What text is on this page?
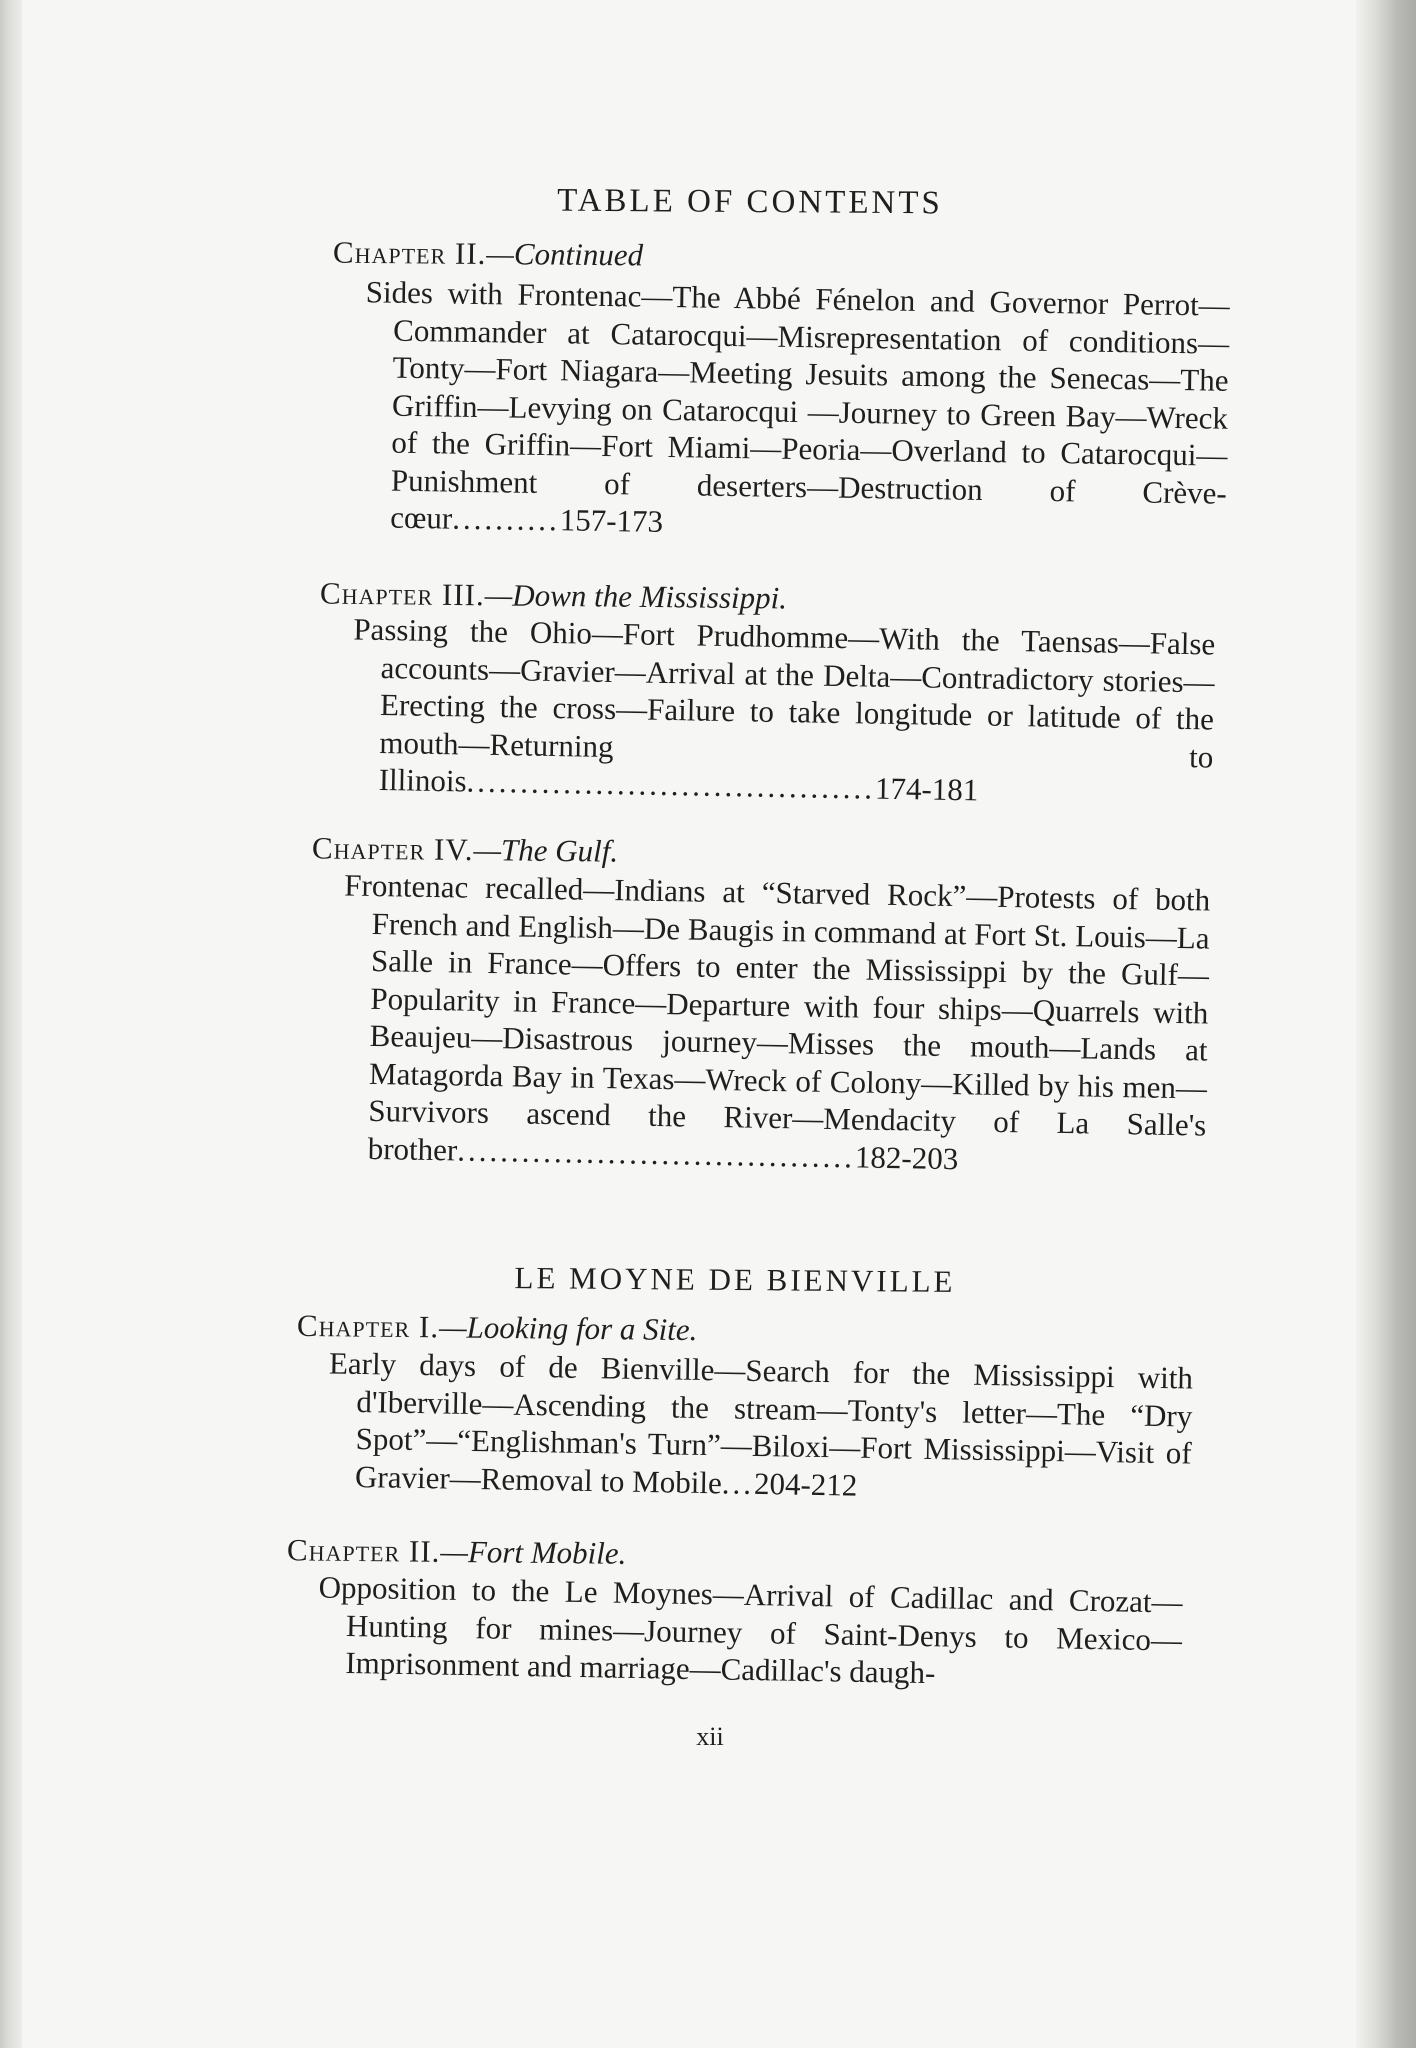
TABLE OF CONTENTS
Chapter II.—Continued
Sides with Frontenac—The Abbé Fénelon and Governor Perrot—Commander at Catarocqui—Misrepresentation of conditions—Tonty—Fort Niagara—Meeting Jesuits among the Senecas—The Griffin—Levying on Catarocqui —Journey to Green Bay—Wreck of the Griffin—Fort Miami—Peoria—Overland to Catarocqui—Punishment of deserters—Destruction of Crève-cœur..........157-173
Chapter III.—Down the Mississippi.
Passing the Ohio—Fort Prudhomme—With the Taensas—False accounts—Gravier—Arrival at the Delta—Contradictory stories—Erecting the cross—Failure to take longitude or latitude of the mouth—Returning to Illinois......................................174-181
Chapter IV.—The Gulf.
Frontenac recalled—Indians at “Starved Rock”—Protests of both French and English—De Baugis in command at Fort St. Louis—La Salle in France—Offers to enter the Mississippi by the Gulf—Popularity in France—Departure with four ships—Quarrels with Beaujeu—Disastrous journey—Misses the mouth—Lands at Matagorda Bay in Texas—Wreck of Colony—Killed by his men—Survivors ascend the River—Mendacity of La Salle's brother.....................................182-203
LE MOYNE DE BIENVILLE
Chapter I.—Looking for a Site.
Early days of de Bienville—Search for the Mississippi with d'Iberville—Ascending the stream—Tonty's letter—The “Dry Spot”—“Englishman's Turn”—Biloxi—Fort Mississippi—Visit of Gravier—Removal to Mobile...204-212
Chapter II.—Fort Mobile.
Opposition to the Le Moynes—Arrival of Cadillac and Crozat—Hunting for mines—Journey of Saint-Denys to Mexico—Imprisonment and marriage—Cadillac's daugh-
xii
